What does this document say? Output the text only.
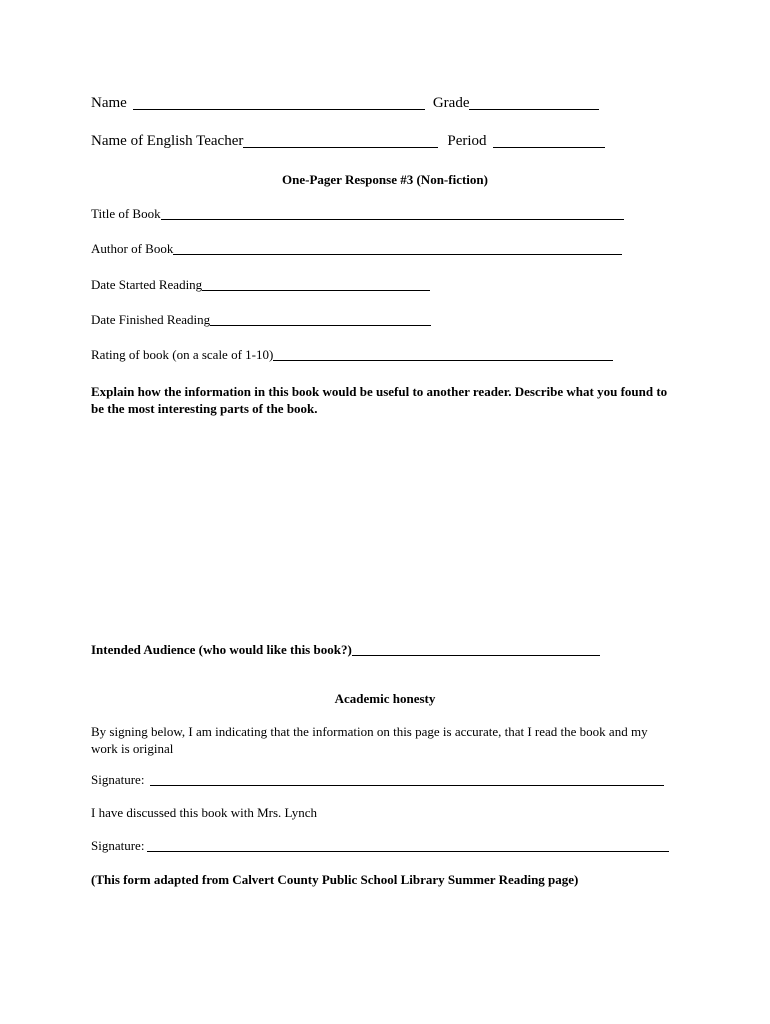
Name	Grade
Name of English Teacher	Period
One-Pager Response #3 (Non-fiction)
Title of Book
Author of Book
Date Started Reading
Date Finished Reading
Rating of book (on a scale of 1-10)
Explain how the information in this book would be useful to another reader. Describe what you found to be the most interesting parts of the book.
Intended Audience (who would like this book?)
Academic honesty
By signing below, I am indicating that the information on this page is accurate, that I read the book and my work is original
Signature:
I have discussed this book with Mrs. Lynch
Signature:
(This form adapted from Calvert County Public School Library Summer Reading page)
